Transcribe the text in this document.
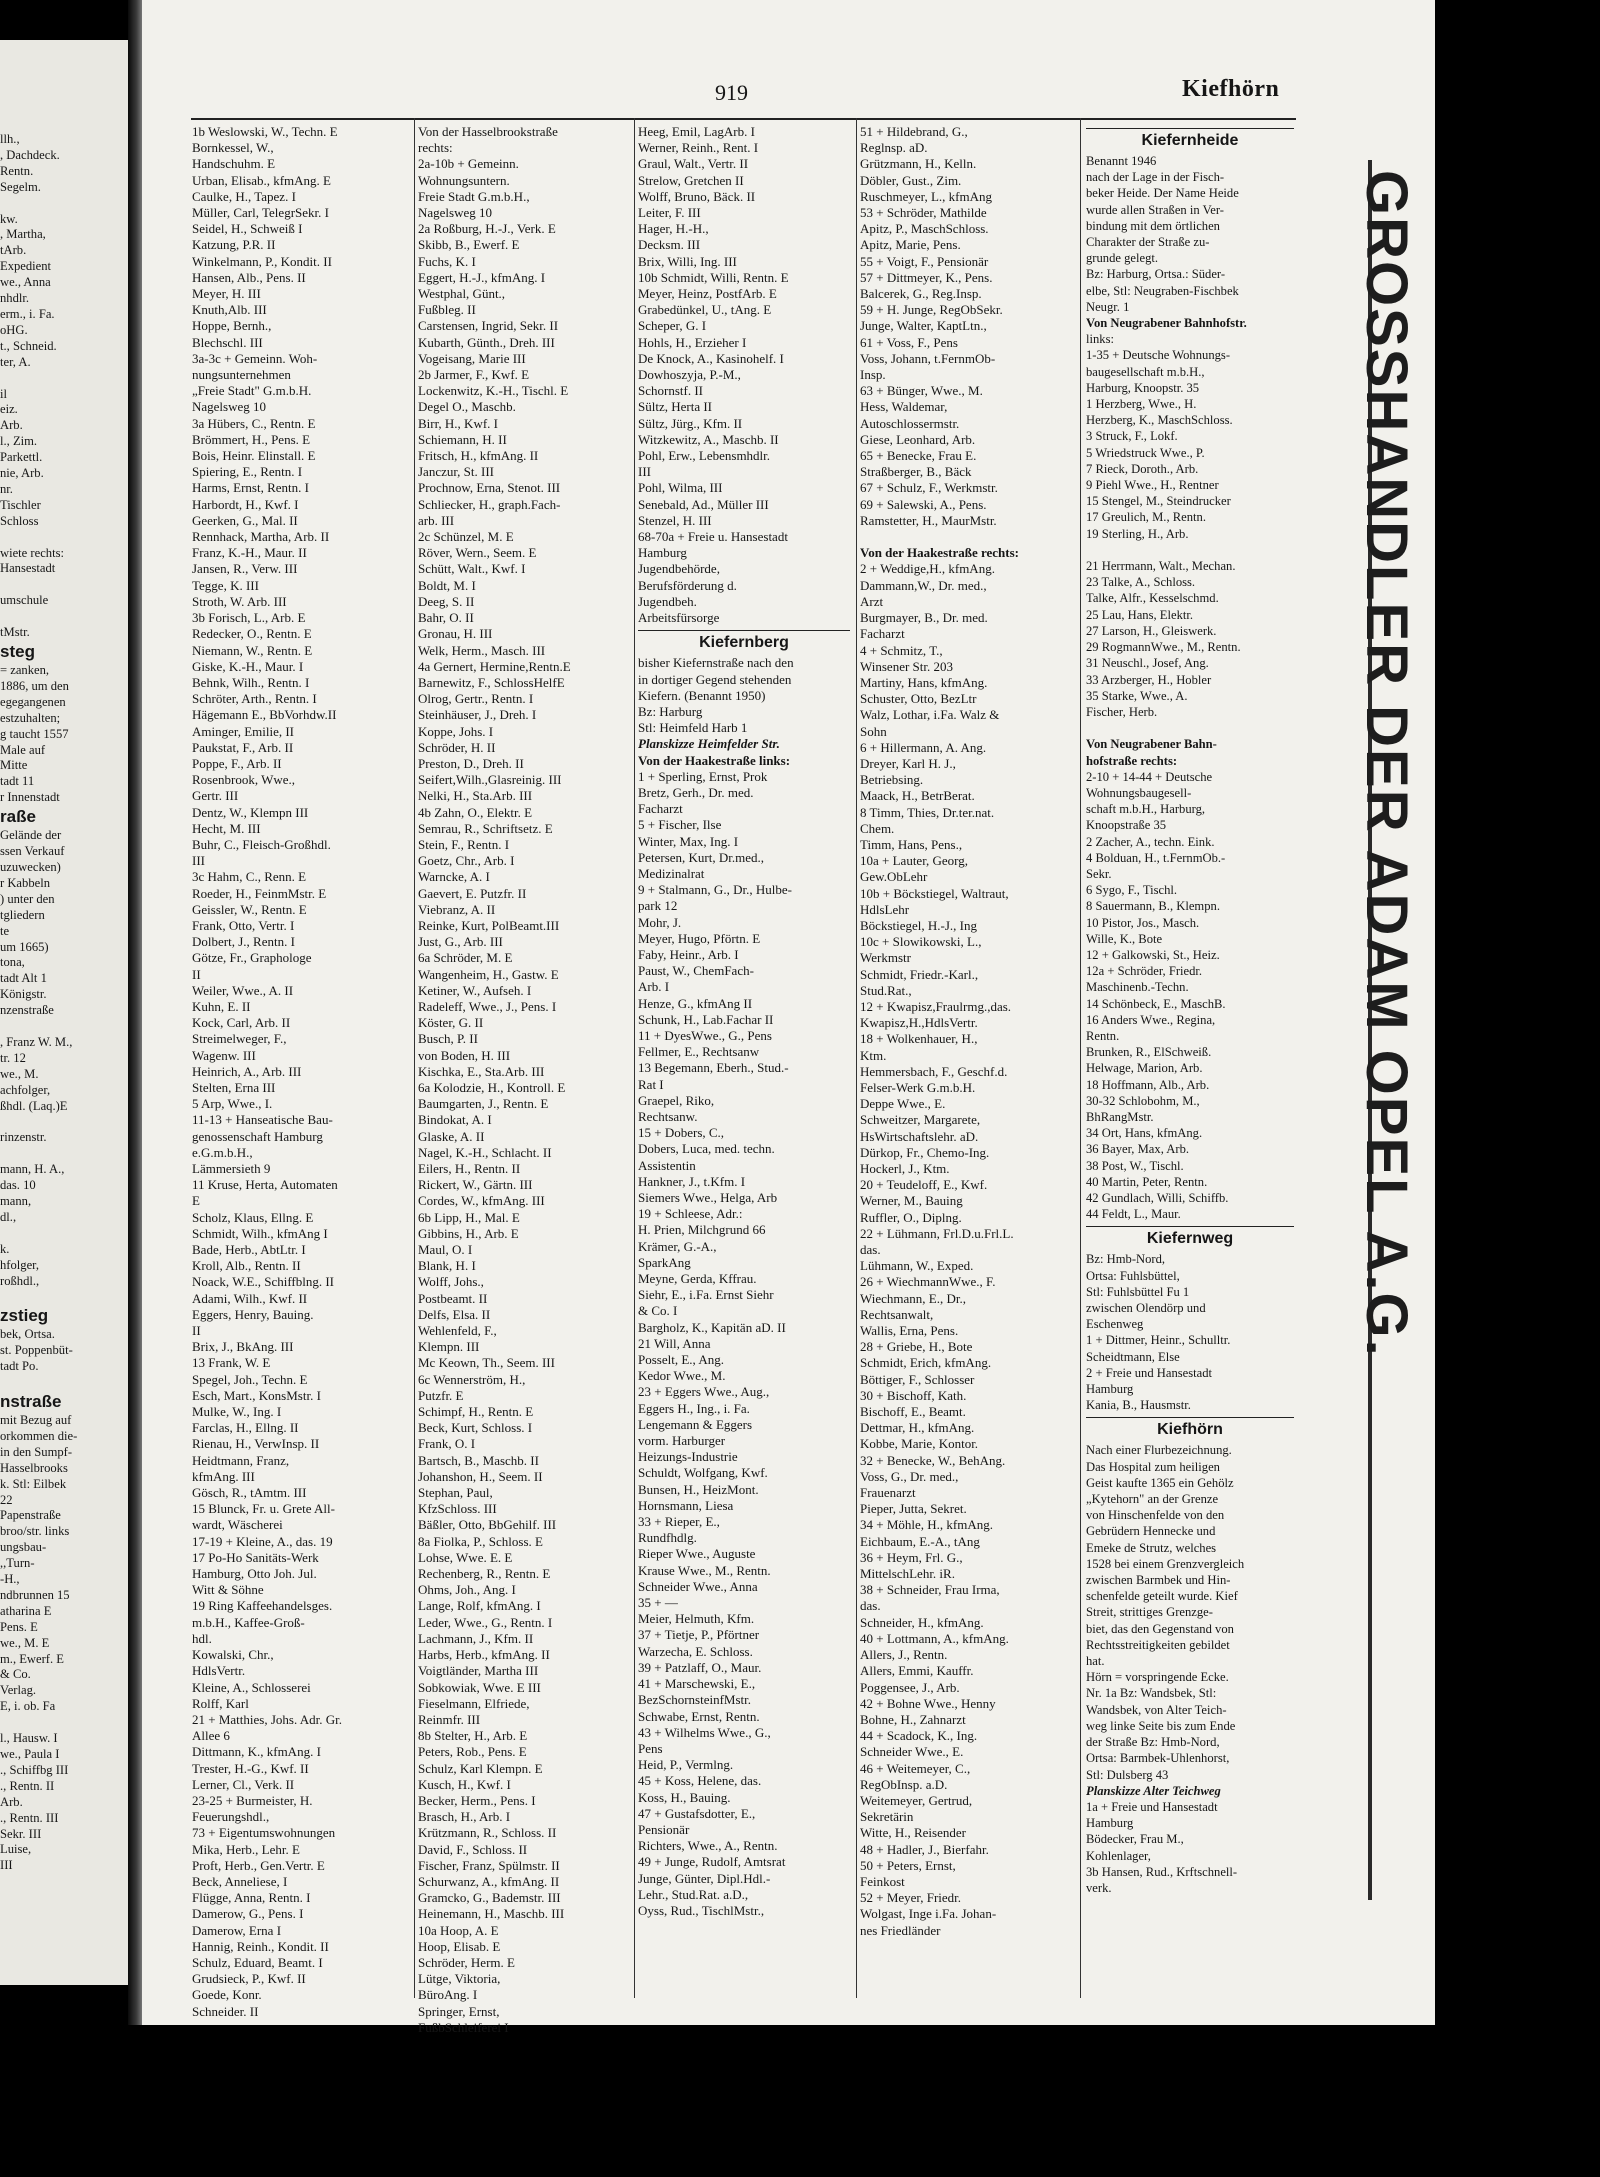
llh.,
, Dachdeck.
Rentn.
Segelm.

kw.
, Martha,
tArb.
Expedient
we., Anna
nhdlr.
erm., i. Fa.
oHG.
t., Schneid.
ter, A.

il
eiz.
Arb.
l., Zim.
Parkettl.
nie, Arb.
nr.
Tischler
Schloss

wiete rechts:
Hansestadt

umschule

tMstr.
steg
= zanken,
1886, um den
egegangenen
estzuhalten;
g taucht 1557
Male auf
Mitte
tadt 11
r Innenstadt
raße
Gelände der
ssen Verkauf
uzuwecken)
r Kabbeln
) unter den
tgliedern
te
um 1665)
tona,
tadt Alt 1
Königstr.
nzenstraße

, Franz W. M.,
tr. 12
we., M.
achfolger,
ßhdl. (Laq.)E

rinzenstr.

mann, H. A.,
das. 10
mann,
dl.,

k.
hfolger,
roßhdl.,

zstieg
bek, Ortsa.
st. Poppenbüt-
tadt Po.

nstraße
mit Bezug auf
orkommen die-
in den Sumpf-
Hasselbrooks
k. Stl: Eilbek
22
Papenstraße
broo/str. links
ungsbau-
,,Turn-
-H.,
ndbrunnen 15
atharina E
Pens. E
we., M. E
m., Ewerf. E
& Co.
Verlag.
E, i. ob. Fa

l., Hausw. I
we., Paula I
., Schiffbg III
., Rentn. II
Arb.
., Rentn. III
Sekr. III
Luise,
III
919	Kiefhörn
1b Weslowski, W., Techn. E
Bornkessel, W.,
Handschuhm. E
Urban, Elisab., kfmAng. E
Caulke, H., Tapez. I
Müller, Carl, TelegrSekr. I
Seidel, H., Schweiß I
Katzung, P.R. II
Winkelmann, P., Kondit. II
Hansen, Alb., Pens. II
Meyer, H. III
Knuth,Alb. III
Hoppe, Bernh.,
Blechschl. III
3a-3c + Gemeinn. Woh-
nungsunternehmen
„Freie Stadt" G.m.b.H.
Nagelsweg 10
3a Hübers, C., Rentn. E
Brömmert, H., Pens. E
Bois, Heinr. Elinstall. E
Spiering, E., Rentn. I
Harms, Ernst, Rentn. I
Harbordt, H., Kwf. I
Geerken, G., Mal. II
Rennhack, Martha, Arb. II
Franz, K.-H., Maur. II
Jansen, R., Verw. III
Tegge, K. III
Stroth, W. Arb. III
3b Forisch, L., Arb. E
Redecker, O., Rentn. E
Niemann, W., Rentn. E
Giske, K.-H., Maur. I
Behnk, Wilh., Rentn. I
Schröter, Arth., Rentn. I
Hägemann E., BbVorhdw.II
Aminger, Emilie, II
Paukstat, F., Arb. II
Poppe, F., Arb. II
Rosenbrook, Wwe.,
Gertr. III
Dentz, W., Klempn III
Hecht, M. III
Buhr, C., Fleisch-Großhdl.
III
3c Hahm, C., Renn. E
Roeder, H., FeinmMstr. E
Geissler, W., Rentn. E
Frank, Otto, Vertr. I
Dolbert, J., Rentn. I
Götze, Fr., Graphologe
II
Weiler, Wwe., A. II
Kuhn, E. II
Kock, Carl, Arb. II
Streimelweger, F.,
Wagenw. III
Heinrich, A., Arb. III
Stelten, Erna III
5 Arp, Wwe., I.
11-13 + Hanseatische Bau-
genossenschaft Hamburg
e.G.m.b.H.,
Lämmersieth 9
11 Kruse, Herta, Automaten
E
Scholz, Klaus, Ellng. E
Schmidt, Wilh., kfmAng I
Bade, Herb., AbtLtr. I
Kroll, Alb., Rentn. II
Noack, W.E., Schiffblng. II
Adami, Wilh., Kwf. II
Eggers, Henry, Bauing.
II
Brix, J., BkAng. III
13 Frank, W. E
Spegel, Joh., Techn. E
Esch, Mart., KonsMstr. I
Mulke, W., Ing. I
Farclas, H., Ellng. II
Rienau, H., VerwInsp. II
Heidtmann, Franz,
kfmAng. III
Gösch, R., tAmtm. III
15 Blunck, Fr. u. Grete All-
wardt, Wäscherei
17-19 + Kleine, A., das. 19
17 Po-Ho Sanitäts-Werk
Hamburg, Otto Joh. Jul.
Witt & Söhne
19 Ring Kaffeehandelsges.
m.b.H., Kaffee-Groß-
hdl.
Kowalski, Chr.,
HdlsVertr.
Kleine, A., Schlosserei
Rolff, Karl
21 + Matthies, Johs. Adr. Gr.
Allee 6
Dittmann, K., kfmAng. I
Trester, H.-G., Kwf. II
Lerner, Cl., Verk. II
23-25 + Burmeister, H.
Feuerungshdl.,
73 + Eigentumswohnungen
Mika, Herb., Lehr. E
Proft, Herb., Gen.Vertr. E
Beck, Anneliese, I
Flügge, Anna, Rentn. I
Damerow, G., Pens. I
Damerow, Erna I
Hannig, Reinh., Kondit. II
Schulz, Eduard, Beamt. I
Grudsieck, P., Kwf. II
Goede, Konr.
Schneider. II
Von der Hasselbrookstraße
rechts:
2a-10b + Gemeinn.
Wohnungsuntern.
Freie Stadt G.m.b.H.,
Nagelsweg 10
2a Roßburg, H.-J., Verk. E
Skibb, B., Ewerf. E
Fuchs, K. I
Eggert, H.-J., kfmAng. I
Westphal, Günt.,
Fußbleg. II
Carstensen, Ingrid, Sekr. II
Kubarth, Günth., Dreh. III
Vogeisang, Marie III
2b Jarmer, F., Kwf. E
Lockenwitz, K.-H., Tischl. E
Degel O., Maschb.
Birr, H., Kwf. I
Schiemann, H. II
Fritsch, H., kfmAng. II
Janczur, St. III
Prochnow, Erna, Stenot. III
Schliecker, H., graph.Fach-
arb. III
2c Schünzel, M. E
Röver, Wern., Seem. E
Schütt, Walt., Kwf. I
Boldt, M. I
Deeg, S. II
Bahr, O. II
Gronau, H. III
Welk, Herm., Masch. III
4a Gernert, Hermine,Rentn.E
Barnewitz, F., SchlossHelfE
Olrog, Gertr., Rentn. I
Steinhäuser, J., Dreh. I
Koppe, Johs. I
Schröder, H. II
Preston, D., Dreh. II
Seifert,Wilh.,Glasreinig. III
Nelki, H., Sta.Arb. III
4b Zahn, O., Elektr. E
Semrau, R., Schriftsetz. E
Stein, F., Rentn. I
Goetz, Chr., Arb. I
Warncke, A. I
Gaevert, E. Putzfr. II
Viebranz, A. II
Reinke, Kurt, PolBeamt.III
Just, G., Arb. III
6a Schröder, M. E
Wangenheim, H., Gastw. E
Ketiner, W., Aufseh. I
Radeleff, Wwe., J., Pens. I
Köster, G. II
Busch, P. II
von Boden, H. III
Kischka, E., Sta.Arb. III
6a Kolodzie, H., Kontroll. E
Baumgarten, J., Rentn. E
Bindokat, A. I
Glaske, A. II
Nagel, K.-H., Schlacht. II
Eilers, H., Rentn. II
Rickert, W., Gärtn. III
Cordes, W., kfmAng. III
6b Lipp, H., Mal. E
Gibbins, H., Arb. E
Maul, O. I
Blank, H. I
Wolff, Johs.,
Postbeamt. II
Delfs, Elsa. II
Wehlenfeld, F.,
Klempn. III
Mc Keown, Th., Seem. III
6c Wennerström, H.,
Putzfr. E
Schimpf, H., Rentn. E
Beck, Kurt, Schloss. I
Frank, O. I
Bartsch, B., Maschb. II
Johanshon, H., Seem. II
Stephan, Paul,
KfzSchloss. III
Bäßler, Otto, BbGehilf. III
8a Fiolka, P., Schloss. E
Lohse, Wwe. E. E
Rechenberg, R., Rentn. E
Ohms, Joh., Ang. I
Lange, Rolf, kfmAng. I
Leder, Wwe., G., Rentn. I
Lachmann, J., Kfm. II
Harbs, Herb., kfmAng. II
Voigtländer, Martha III
Sobkowiak, Wwe. E III
Fieselmann, Elfriede,
Reinmfr. III
8b Stelter, H., Arb. E
Peters, Rob., Pens. E
Schulz, Karl Klempn. E
Kusch, H., Kwf. I
Becker, Herm., Pens. I
Brasch, H., Arb. I
Krützmann, R., Schloss. II
David, F., Schloss. II
Fischer, Franz, Spülmstr. II
Schurwanz, A., kfmAng. II
Gramcko, G., Bademstr. III
Heinemann, H., Maschb. III
10a Hoop, A. E
Hoop, Elisab. E
Schröder, Herm. E
Lütge, Viktoria,
BüroAng. I
Springer, Ernst,
FußbSchleiferei I
Heeg, Emil, LagArb. I
Werner, Reinh., Rent. I
Graul, Walt., Vertr. II
Strelow, Gretchen II
Wolff, Bruno, Bäck. II
Leiter, F. III
Hager, H.-H.,
Decksm. III
Brix, Willi, Ing. III
10b Schmidt, Willi, Rentn. E
Meyer, Heinz, PostfArb. E
Grabedünkel, U., tAng. E
Scheper, G. I
Hohls, H., Erzieher I
De Knock, A., Kasinohelf. I
Dowhoszyja, P.-M.,
Schornstf. II
Sültz, Herta II
Sültz, Jürg., Kfm. II
Witzkewitz, A., Maschb. II
Pohl, Erw., Lebensmhdlr.
III
Pohl, Wilma, III
Senebald, Ad., Müller III
Stenzel, H. III
68-70a + Freie u. Hansestadt
Hamburg
Jugendbehörde,
Berufsförderung d.
Jugendbeh.
Arbeitsfürsorge
Kiefernberg
bisher Kiefernstraße nach den
in dortiger Gegend stehenden
Kiefern. (Benannt 1950)
Bz: Harburg
Stl: Heimfeld Harb 1
Planskizze Heimfelder Str.
Von der Haakestraße links:
1 + Sperling, Ernst, Prok
Bretz, Gerh., Dr. med.
Facharzt
5 + Fischer, Ilse
Winter, Max, Ing. I
Petersen, Kurt, Dr.med.,
Medizinalrat
9 + Stalmann, G., Dr., Hulbe-
park 12
Mohr, J.
Meyer, Hugo, Pförtn. E
Faby, Heinr., Arb. I
Paust, W., ChemFach-
Arb. I
Henze, G., kfmAng II
Schunk, H., Lab.Fachar II
11 + DyesWwe., G., Pens
Fellmer, E., Rechtsanw
13 Begemann, Eberh., Stud.-
Rat I
Graepel, Riko,
Rechtsanw.
15 + Dobers, C.,
Dobers, Luca, med. techn.
Assistentin
Hankner, J., t.Kfm. I
Siemers Wwe., Helga, Arb
19 + Schleese, Adr.:
H. Prien, Milchgrund 66
Krämer, G.-A.,
SparkAng
Meyne, Gerda, Kffrau.
Siehr, E., i.Fa. Ernst Siehr
& Co. I
Bargholz, K., Kapitän aD. II
21 Will, Anna
Posselt, E., Ang.
Kedor Wwe., M.
23 + Eggers Wwe., Aug.,
Eggers H., Ing., i. Fa.
Lengemann & Eggers
vorm. Harburger
Heizungs-Industrie
Schuldt, Wolfgang, Kwf.
Bunsen, H., HeizMont.
Hornsmann, Liesa
33 + Rieper, E.,
Rundfhdlg.
Rieper Wwe., Auguste
Krause Wwe., M., Rentn.
Schneider Wwe., Anna
35 + —
Meier, Helmuth, Kfm.
37 + Tietje, P., Pförtner
Warzecha, E. Schloss.
39 + Patzlaff, O., Maur.
41 + Marschewski, E.,
BezSchornsteinfMstr.
Schwabe, Ernst, Rentn.
43 + Wilhelms Wwe., G.,
Pens
Heid, P., Vermlng.
45 + Koss, Helene, das.
Koss, H., Bauing.
47 + Gustafsdotter, E.,
Pensionär
Richters, Wwe., A., Rentn.
49 + Junge, Rudolf, Amtsrat
Junge, Günter, Dipl.Hdl.-
Lehr., Stud.Rat. a.D.,
Oyss, Rud., TischlMstr.,
51 + Hildebrand, G.,
Reglnsp. aD.
Grützmann, H., Kelln.
Döbler, Gust., Zim.
Ruschmeyer, L., kfmAng
53 + Schröder, Mathilde
Apitz, P., MaschSchloss.
Apitz, Marie, Pens.
55 + Voigt, F., Pensionär
57 + Dittmeyer, K., Pens.
Balcerek, G., Reg.Insp.
59 + H. Junge, RegObSekr.
Junge, Walter, KaptLtn.,
61 + Voss, F., Pens
Voss, Johann, t.FernmOb-
Insp.
63 + Bünger, Wwe., M.
Hess, Waldemar,
Autoschlossermstr.
Giese, Leonhard, Arb.
65 + Benecke, Frau E.
Straßberger, B., Bäck
67 + Schulz, F., Werkmstr.
69 + Salewski, A., Pens.
Ramstetter, H., MaurMstr.

Von der Haakestraße rechts:
2 + Weddige,H., kfmAng.
Dammann,W., Dr. med.,
Arzt
Burgmayer, B., Dr. med.
Facharzt
4 + Schmitz, T.,
Winsener Str. 203
Martiny, Hans, kfmAng.
Schuster, Otto, BezLtr
Walz, Lothar, i.Fa. Walz &
Sohn
6 + Hillermann, A. Ang.
Dreyer, Karl H. J.,
Betriebsing.
Maack, H., BetrBerat.
8 Timm, Thies, Dr.ter.nat.
Chem.
Timm, Hans, Pens.,
10a + Lauter, Georg,
Gew.ObLehr
10b + Böckstiegel, Waltraut,
HdlsLehr
Böckstiegel, H.-J., Ing
10c + Slowikowski, L.,
Werkmstr
Schmidt, Friedr.-Karl.,
Stud.Rat.,
12 + Kwapisz,Fraulrmg.,das.
Kwapisz,H.,HdlsVertr.
18 + Wolkenhauer, H.,
Ktm.
Hemmersbach, F., Geschf.d.
Felser-Werk G.m.b.H.
Deppe Wwe., E.
Schweitzer, Margarete,
HsWirtschaftslehr. aD.
Dürkop, Fr., Chemo-Ing.
Hockerl, J., Ktm.
20 + Teudeloff, E., Kwf.
Werner, M., Bauing
Ruffler, O., Diplng.
22 + Lühmann, Frl.D.u.Frl.L.
das.
Lühmann, W., Exped.
26 + WiechmannWwe., F.
Wiechmann, E., Dr.,
Rechtsanwalt,
Wallis, Erna, Pens.
28 + Griebe, H., Bote
Schmidt, Erich, kfmAng.
Böttiger, F., Schlosser
30 + Bischoff, Kath.
Bischoff, E., Beamt.
Dettmar, H., kfmAng.
Kobbe, Marie, Kontor.
32 + Benecke, W., BehAng.
Voss, G., Dr. med.,
Frauenarzt
Pieper, Jutta, Sekret.
34 + Möhle, H., kfmAng.
Eichbaum, E.-A., tAng
36 + Heym, Frl. G.,
MittelschLehr. iR.
38 + Schneider, Frau Irma,
das.
Schneider, H., kfmAng.
40 + Lottmann, A., kfmAng.
Allers, J., Rentn.
Allers, Emmi, Kauffr.
Poggensee, J., Arb.
42 + Bohne Wwe., Henny
Bohne, H., Zahnarzt
44 + Scadock, K., Ing.
Schneider Wwe., E.
46 + Weitemeyer, C.,
RegObInsp. a.D.
Weitemeyer, Gertrud,
Sekretärin
Witte, H., Reisender
48 + Hadler, J., Bierfahr.
50 + Peters, Ernst,
Feinkost
52 + Meyer, Friedr.
Wolgast, Inge i.Fa. Johan-
nes Friedländer
Kiefernheide
Benannt 1946
nach der Lage in der Fisch-
beker Heide. Der Name Heide
wurde allen Straßen in Ver-
bindung mit dem örtlichen
Charakter der Straße zu-
grunde gelegt.
Bz: Harburg, Ortsa.: Süder-
elbe, Stl: Neugraben-Fischbek
Neugr. 1
Von Neugrabener Bahnhofstr.
links:
1-35 + Deutsche Wohnungs-
baugesellschaft m.b.H.,
Harburg, Knoopstr. 35
1 Herzberg, Wwe., H.
Herzberg, K., MaschSchloss.
3 Struck, F., Lokf.
5 Wriedstruck Wwe., P.
7 Rieck, Doroth., Arb.
9 Piehl Wwe., H., Rentner
15 Stengel, M., Steindrucker
17 Greulich, M., Rentn.
19 Sterling, H., Arb.

21 Herrmann, Walt., Mechan.
23 Talke, A., Schloss.
Talke, Alfr., Kesselschmd.
25 Lau, Hans, Elektr.
27 Larson, H., Gleiswerk.
29 RogmannWwe., M., Rentn.
31 Neuschl., Josef, Ang.
33 Arzberger, H., Hobler
35 Starke, Wwe., A.
Fischer, Herb.

Von Neugrabener Bahn-
hofstraße rechts:
2-10 + 14-44 + Deutsche
Wohnungsbaugesell-
schaft m.b.H., Harburg,
Knoopstraße 35
2 Zacher, A., techn. Eink.
4 Bolduan, H., t.FernmOb.-
Sekr.
6 Sygo, F., Tischl.
8 Sauermann, B., Klempn.
10 Pistor, Jos., Masch.
Wille, K., Bote
12 + Galkowski, St., Heiz.
12a + Schröder, Friedr.
Maschinenb.-Techn.
14 Schönbeck, E., MaschB.
16 Anders Wwe., Regina,
Rentn.
Brunken, R., ElSchweiß.
Helwage, Marion, Arb.
18 Hoffmann, Alb., Arb.
30-32 Schlobohm, M.,
BhRangMstr.
34 Ort, Hans, kfmAng.
36 Bayer, Max, Arb.
38 Post, W., Tischl.
40 Martin, Peter, Rentn.
42 Gundlach, Willi, Schiffb.
44 Feldt, L., Maur.
Kiefernweg
Bz: Hmb-Nord,
Ortsa: Fuhlsbüttel,
Stl: Fuhlsbüttel Fu 1
zwischen Olendörp und
Eschenweg
1 + Dittmer, Heinr., Schulltr.
Scheidtmann, Else
2 + Freie und Hansestadt
Hamburg
Kania, B., Hausmstr.
Kiefhörn
Nach einer Flurbezeichnung.
Das Hospital zum heiligen
Geist kaufte 1365 ein Gehölz
„Kytehorn" an der Grenze
von Hinschenfelde von den
Gebrüdern Hennecke und
Emeke de Strutz, welches
1528 bei einem Grenzvergleich
zwischen Barmbek und Hin-
schenfelde geteilt wurde. Kief
Streit, strittiges Grenzge-
biet, das den Gegenstand von
Rechtsstreitigkeiten gebildet
hat.
Hörn = vorspringende Ecke.
Nr. 1a Bz: Wandsbek, Stl:
Wandsbek, von Alter Teich-
weg linke Seite bis zum Ende
der Straße Bz: Hmb-Nord,
Ortsa: Barmbek-Uhlenhorst,
Stl: Dulsberg 43
Planskizze Alter Teichweg
1a + Freie und Hansestadt
Hamburg
Bödecker, Frau M.,
Kohlenlager,
3b Hansen, Rud., Krftschnell-
verk.
GROSSHANDLER DER ADAM OPEL A.G.
